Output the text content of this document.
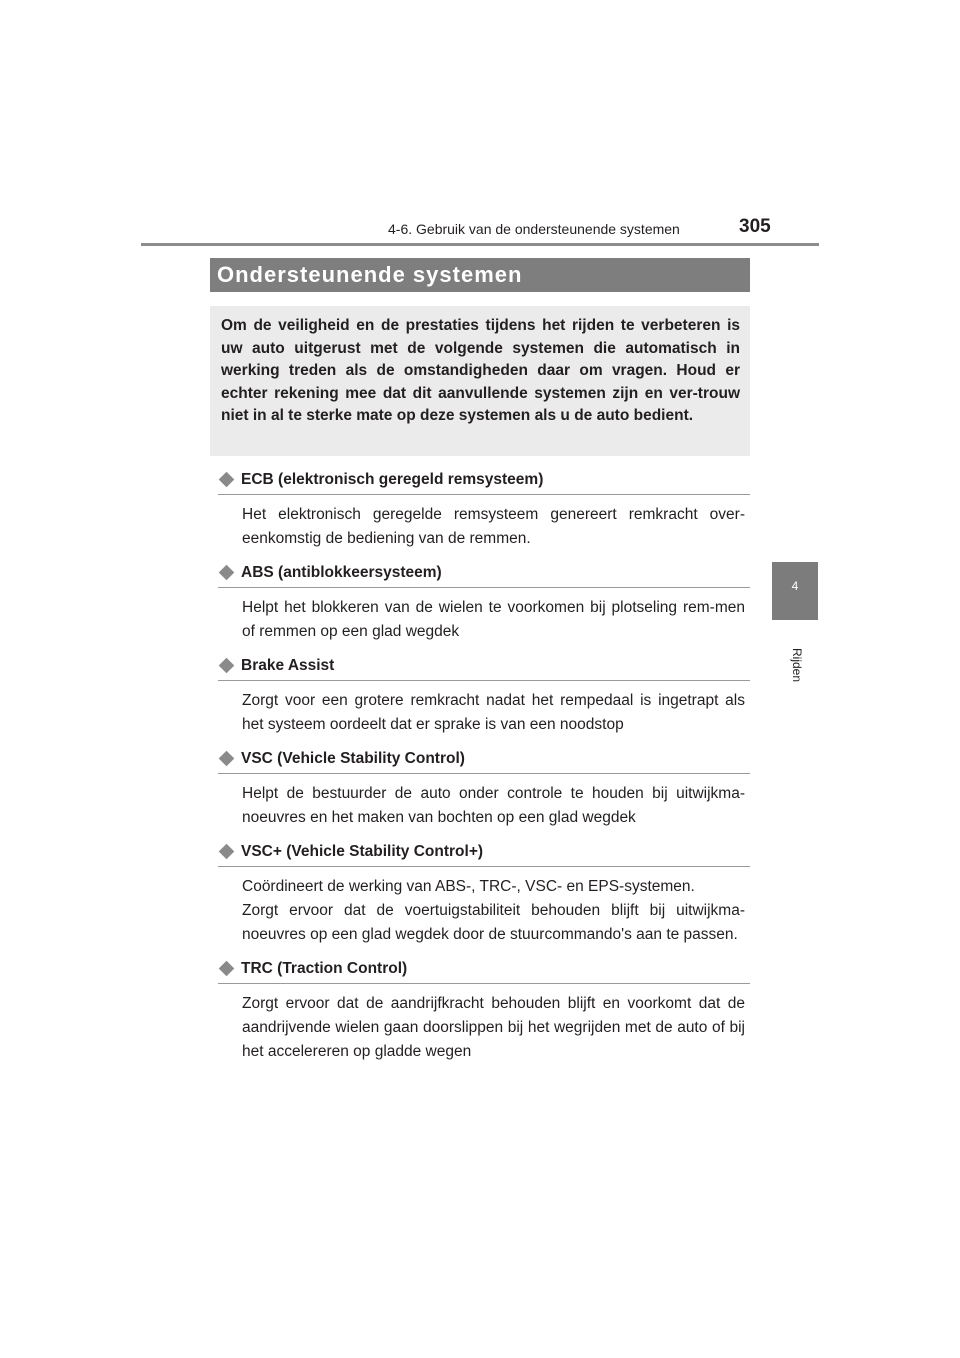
4-6. Gebruik van de ondersteunende systemen	305
4
Rijden
Ondersteunende systemen
Om de veiligheid en de prestaties tijdens het rijden te verbeteren is uw auto uitgerust met de volgende systemen die automatisch in werking treden als de omstandigheden daar om vragen. Houd er echter rekening mee dat dit aanvullende systemen zijn en ver-trouw niet in al te sterke mate op deze systemen als u de auto bedient.
ECB (elektronisch geregeld remsysteem)

Het elektronisch geregelde remsysteem genereert remkracht over-eenkomstig de bediening van de remmen.

ABS (antiblokkeersysteem)

Helpt het blokkeren van de wielen te voorkomen bij plotseling rem-men of remmen op een glad wegdek

Brake Assist

Zorgt voor een grotere remkracht nadat het rempedaal is ingetrapt als het systeem oordeelt dat er sprake is van een noodstop

VSC (Vehicle Stability Control)

Helpt de bestuurder de auto onder controle te houden bij uitwijkma-noeuvres en het maken van bochten op een glad wegdek

VSC+ (Vehicle Stability Control+)

Coördineert de werking van ABS-, TRC-, VSC- en EPS-systemen.

Zorgt ervoor dat de voertuigstabiliteit behouden blijft bij uitwijkma-noeuvres op een glad wegdek door de stuurcommando's aan te passen.

TRC (Traction Control)

Zorgt ervoor dat de aandrijfkracht behouden blijft en voorkomt dat de aandrijvende wielen gaan doorslippen bij het wegrijden met de auto of bij het accelereren op gladde wegen
